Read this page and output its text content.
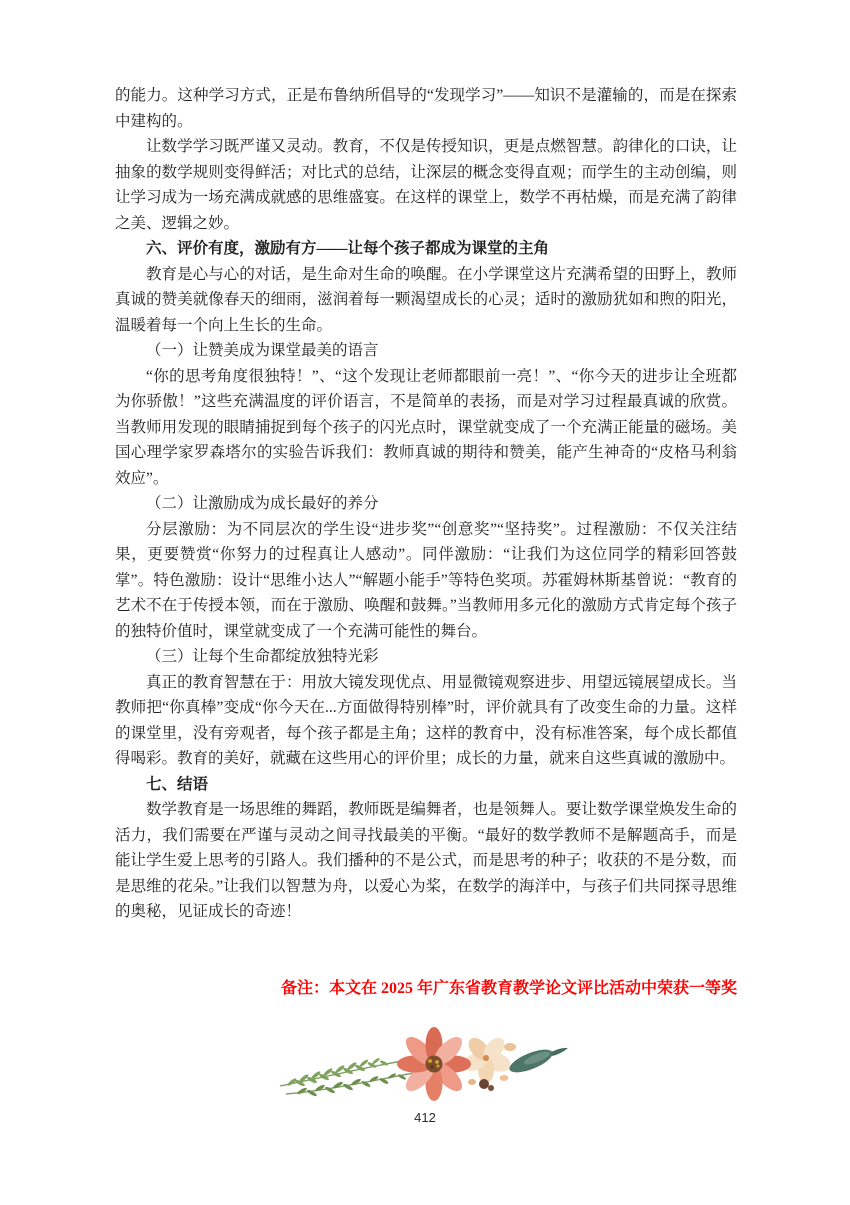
的能力。这种学习方式，正是布鲁纳所倡导的“发现学习”——知识不是灌输的，而是在探索中建构的。

让数学学习既严谨又灵动。教育，不仅是传授知识，更是点燃智慧。韵律化的口诀，让抽象的数学规则变得鲜活；对比式的总结，让深层的概念变得直观；而学生的主动创编，则让学习成为一场充满成就感的思维盛宴。在这样的课堂上，数学不再枯燥，而是充满了韵律之美、逻辑之妙。

六、评价有度，激励有方——让每个孩子都成为课堂的主角

教育是心与心的对话，是生命对生命的唤醒。在小学课堂这片充满希望的田野上，教师真诚的赞美就像春天的细雨，滋润着每一颗渴望成长的心灵；适时的激励犹如和煦的阳光，温暖着每一个向上生长的生命。

（一）让赞美成为课堂最美的语言

“你的思考角度很独特！”、“这个发现让老师都眼前一亮！”、“你今天的进步让全班都为你骄傲！”这些充满温度的评价语言，不是简单的表扬，而是对学习过程最真诚的欣赏。当教师用发现的眼睛捕捉到每个孩子的闪光点时，课堂就变成了一个充满正能量的磁场。美国心理学家罗森塔尔的实验告诉我们：教师真诚的期待和赞美，能产生神奇的“皮格马利翁效应”。

（二）让激励成为成长最好的养分

分层激励：为不同层次的学生设“进步奖”“创意奖”“坚持奖”。过程激励：不仅关注结果，更要赞赏“你努力的过程真让人感动”。同伴激励：“让我们为这位同学的精彩回答鼓掌”。特色激励：设计“思维小达人”“解题小能手”等特色奖项。苏霍姆林斯基曾说：“教育的艺术不在于传授本领，而在于激励、唤醒和鼓舞。”当教师用多元化的激励方式肯定每个孩子的独特价值时，课堂就变成了一个充满可能性的舞台。

（三）让每个生命都绽放独特光彩

真正的教育智慧在于：用放大镜发现优点、用显微镜观察进步、用望远镜展望成长。当教师把“你真棒”变成“你今天在...方面做得特别棒”时，评价就具有了改变生命的力量。这样的课堂里，没有旁观者，每个孩子都是主角；这样的教育中，没有标准答案，每个成长都值得喝彩。教育的美好，就藏在这些用心的评价里；成长的力量，就来自这些真诚的激励中。

七、结语

数学教育是一场思维的舞蹈，教师既是编舞者，也是领舞人。要让数学课堂焕发生命的活力，我们需要在严谨与灵动之间寻找最美的平衡。“最好的数学教师不是解题高手，而是能让学生爱上思考的引路人。我们播种的不是公式，而是思考的种子；收获的不是分数，而是思维的花朵。”让我们以智慧为舟，以爱心为桨，在数学的海洋中，与孩子们共同探寻思维的奥秘，见证成长的奇迹！

备注：本文在 2025 年广东省教育教学论文评比活动中荣获一等奖

412
